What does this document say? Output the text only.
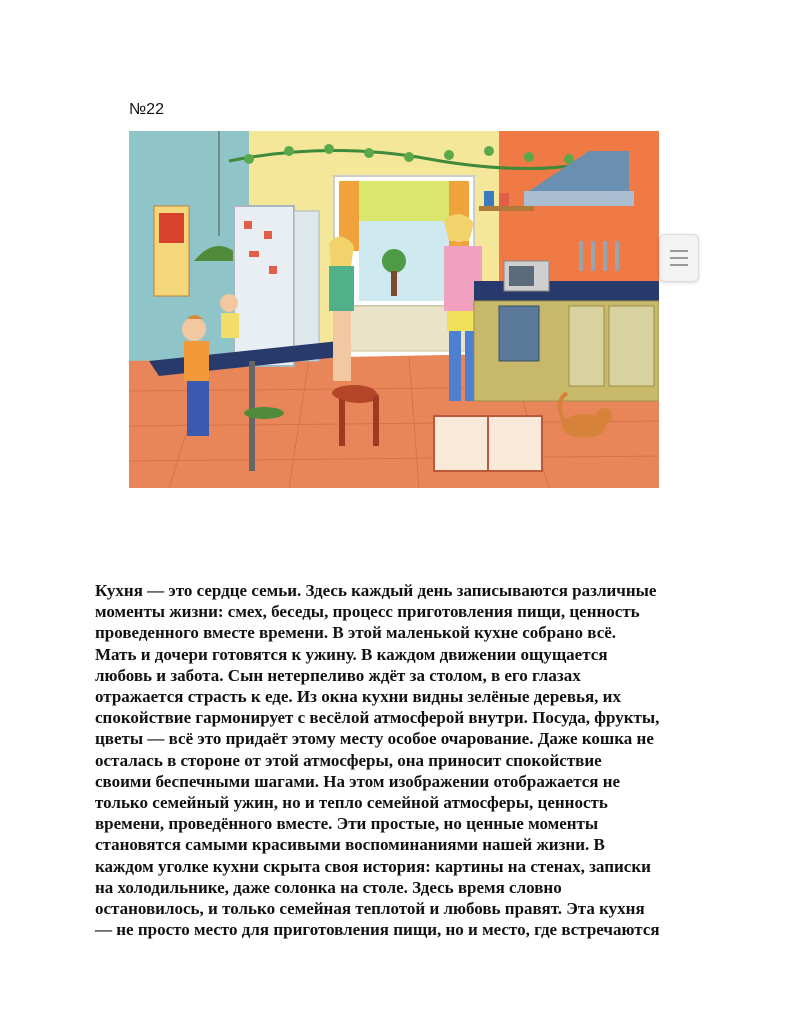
№22

Кухня — это сердце семьи. Здесь каждый день записываются различные
моменты жизни: смех, беседы, процесс приготовления пищи, ценность
проведенного вместе времени. В этой маленькой кухне собрано всё.
Мать и дочери готовятся к ужину. В каждом движении ощущается
любовь и забота. Сын нетерпеливо ждёт за столом, в его глазах
отражается страсть к еде. Из окна кухни видны зелёные деревья, их
спокойствие гармонирует с весёлой атмосферой внутри. Посуда, фрукты,
цветы — всё это придаёт этому месту особое очарование. Даже кошка не
осталась в стороне от этой атмосферы, она приносит спокойствие
своими беспечными шагами. На этом изображении отображается не
только семейный ужин, но и тепло семейной атмосферы, ценность
времени, проведённого вместе. Эти простые, но ценные моменты
становятся самыми красивыми воспоминаниями нашей жизни. В
каждом уголке кухни скрыта своя история: картины на стенах, записки
на холодильнике, даже солонка на столе. Здесь время словно
остановилось, и только семейная теплотой и любовь правят. Эта кухня
— не просто место для приготовления пищи, но и место, где встречаются
